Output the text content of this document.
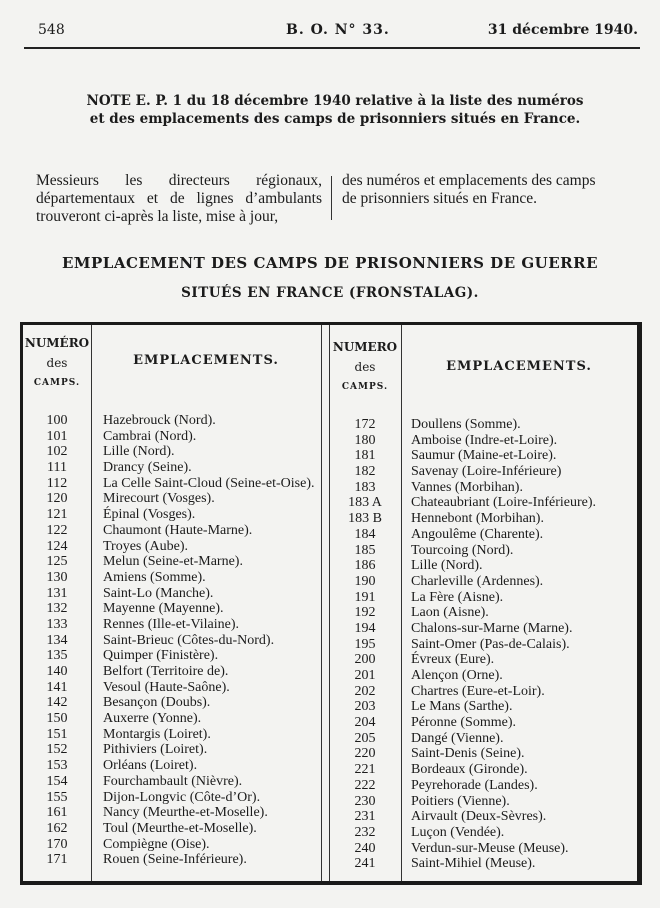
548	B. O. N° 33.	31 décembre 1940.
NOTE E. P. 1 du 18 décembre 1940 relative à la liste des numéros
et des emplacements des camps de prisonniers situés en France.
Messieurs les directeurs régionaux, départementaux et de lignes d’ambulants trouveront ci-après la liste, mise à jour,
des numéros et emplacements des camps de prisonniers situés en France.
EMPLACEMENT DES CAMPS DE PRISONNIERS DE GUERRE
SITUÉS EN FRANCE (FRONSTALAG).
NUMÉRO
des
CAMPS.
EMPLACEMENTS.
NUMERO
des
CAMPS.
EMPLACEMENTS.
100
101
102
111
112
120
121
122
124
125
130
131
132
133
134
135
140
141
142
150
151
152
153
154
155
161
162
170
171
Hazebrouck (Nord).
Cambrai (Nord).
Lille (Nord).
Drancy (Seine).
La Celle Saint-Cloud (Seine-et-Oise).
Mirecourt (Vosges).
Épinal (Vosges).
Chaumont (Haute-Marne).
Troyes (Aube).
Melun (Seine-et-Marne).
Amiens (Somme).
Saint-Lo (Manche).
Mayenne (Mayenne).
Rennes (Ille-et-Vilaine).
Saint-Brieuc (Côtes-du-Nord).
Quimper (Finistère).
Belfort (Territoire de).
Vesoul (Haute-Saône).
Besançon (Doubs).
Auxerre (Yonne).
Montargis (Loiret).
Pithiviers (Loiret).
Orléans (Loiret).
Fourchambault (Nièvre).
Dijon-Longvic (Côte-d’Or).
Nancy (Meurthe-et-Moselle).
Toul (Meurthe-et-Moselle).
Compiègne (Oise).
Rouen (Seine-Inférieure).
172
180
181
182
183
183 A
183 B
184
185
186
190
191
192
194
195
200
201
202
203
204
205
220
221
222
230
231
232
240
241
Doullens (Somme).
Amboise (Indre-et-Loire).
Saumur (Maine-et-Loire).
Savenay (Loire-Inférieure)
Vannes (Morbihan).
Chateaubriant (Loire-Inférieure).
Hennebont (Morbihan).
Angoulême (Charente).
Tourcoing (Nord).
Lille (Nord).
Charleville (Ardennes).
La Fère (Aisne).
Laon (Aisne).
Chalons-sur-Marne (Marne).
Saint-Omer (Pas-de-Calais).
Évreux (Eure).
Alençon (Orne).
Chartres (Eure-et-Loir).
Le Mans (Sarthe).
Péronne (Somme).
Dangé (Vienne).
Saint-Denis (Seine).
Bordeaux (Gironde).
Peyrehorade (Landes).
Poitiers (Vienne).
Airvault (Deux-Sèvres).
Luçon (Vendée).
Verdun-sur-Meuse (Meuse).
Saint-Mihiel (Meuse).
